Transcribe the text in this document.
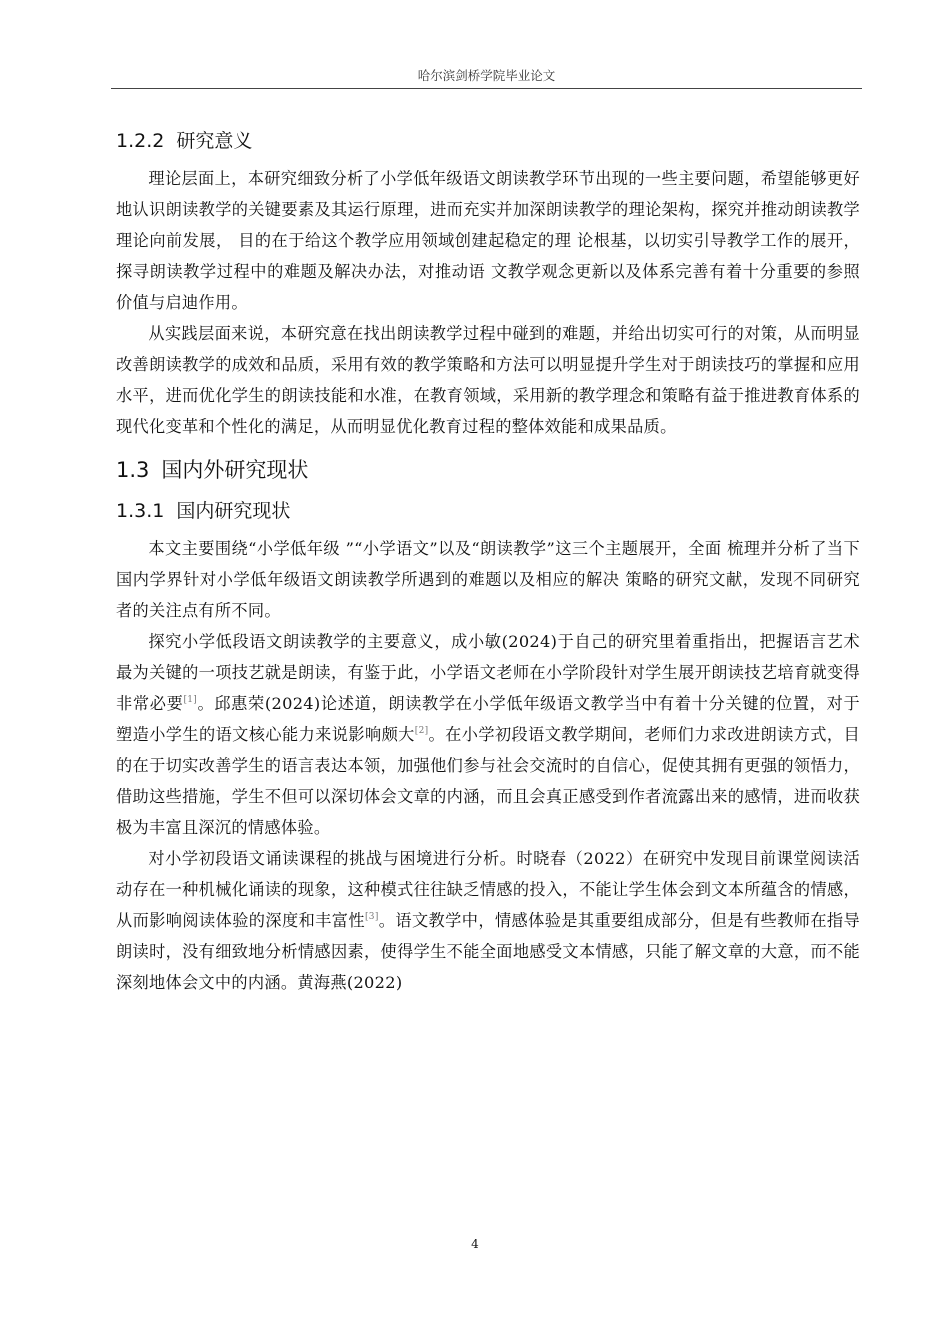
哈尔滨剑桥学院毕业论文
1.2.2 研究意义

理论层面上，本研究细致分析了小学低年级语文朗读教学环节出现的一些主要问题，希望能够更好地认识朗读教学的关键要素及其运行原理，进而充实并加深朗读教学的理论架构，探究并推动朗读教学理论向前发展， 目的在于给这个教学应用领域创建起稳定的理 论根基，以切实引导教学工作的展开，探寻朗读教学过程中的难题及解决办法，对推动语 文教学观念更新以及体系完善有着十分重要的参照价值与启迪作用。

从实践层面来说，本研究意在找出朗读教学过程中碰到的难题，并给出切实可行的对策，从而明显改善朗读教学的成效和品质，采用有效的教学策略和方法可以明显提升学生对于朗读技巧的掌握和应用水平，进而优化学生的朗读技能和水准，在教育领域，采用新的教学理念和策略有益于推进教育体系的现代化变革和个性化的满足，从而明显优化教育过程的整体效能和成果品质。

1.3 国内外研究现状
1.3.1 国内研究现状

本文主要围绕“小学低年级 ”“小学语文”以及“朗读教学”这三个主题展开，全面 梳理并分析了当下国内学界针对小学低年级语文朗读教学所遇到的难题以及相应的解决 策略的研究文献，发现不同研究者的关注点有所不同。

探究小学低段语文朗读教学的主要意义，成小敏(2024)于自己的研究里着重指出，把握语言艺术最为关键的一项技艺就是朗读，有鉴于此，小学语文老师在小学阶段针对学生展开朗读技艺培育就变得非常必要[1]。邱惠荣(2024)论述道，朗读教学在小学低年级语文教学当中有着十分关键的位置，对于塑造小学生的语文核心能力来说影响颇大[2]。在小学初段语文教学期间，老师们力求改进朗读方式，目的在于切实改善学生的语言表达本领，加强他们参与社会交流时的自信心，促使其拥有更强的领悟力，借助这些措施，学生不但可以深切体会文章的内涵，而且会真正感受到作者流露出来的感情，进而收获极为丰富且深沉的情感体验。

对小学初段语文诵读课程的挑战与困境进行分析。时晓春（2022）在研究中发现目前课堂阅读活动存在一种机械化诵读的现象，这种模式往往缺乏情感的投入，不能让学生体会到文本所蕴含的情感，从而影响阅读体验的深度和丰富性[3]。语文教学中，情感体验是其重要组成部分，但是有些教师在指导朗读时，没有细致地分析情感因素，使得学生不能全面地感受文本情感，只能了解文章的大意，而不能深刻地体会文中的内涵。黄海燕(2022)

4
